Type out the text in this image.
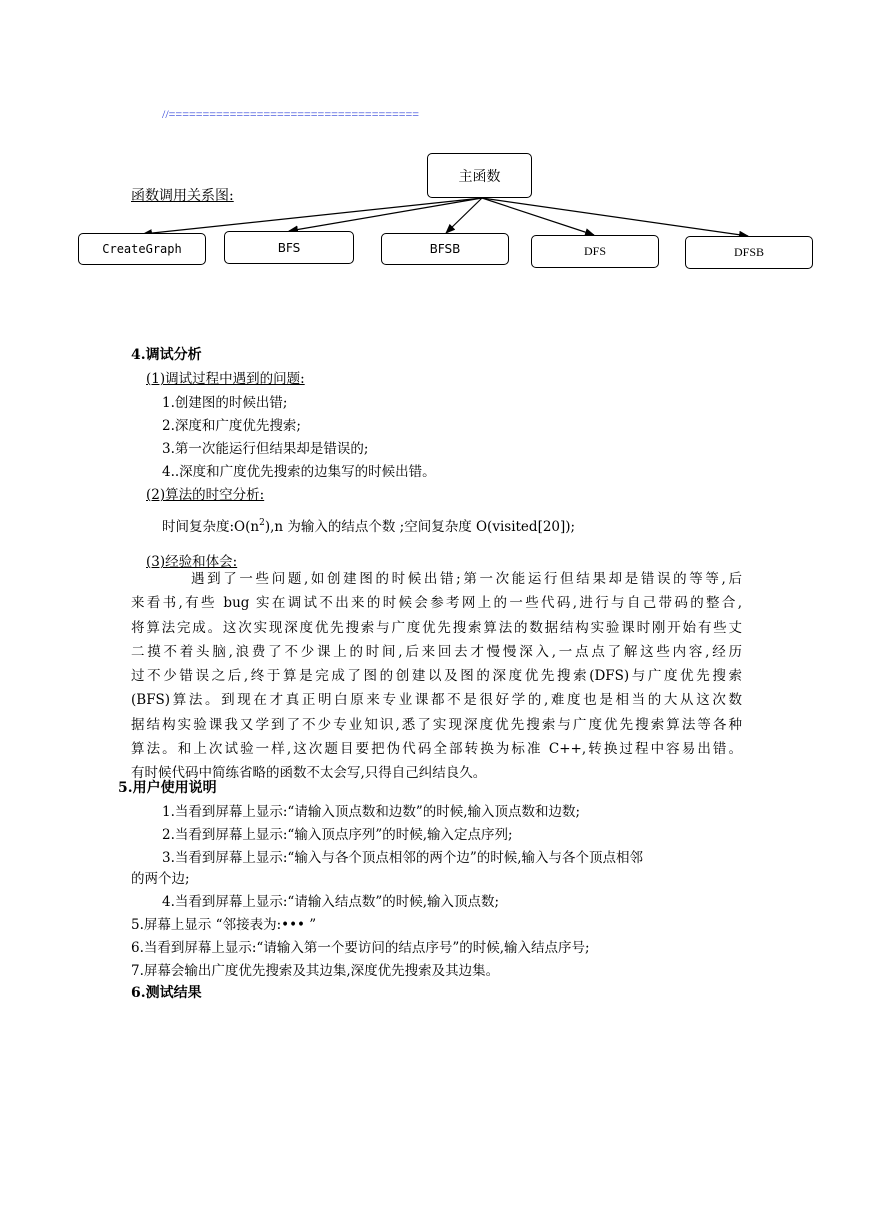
//=====================================
函数调用关系图:
主函数
CreateGraph	BFS	BFSB	DFS	DFSB
4.调试分析
(1)调试过程中遇到的问题:
1.创建图的时候出错;
2.深度和广度优先搜索;
3.第一次能运行但结果却是错误的;
4..深度和广度优先搜索的边集写的时候出错。
(2)算法的时空分析:
时间复杂度$:O(n^2),n$ 为输入的结点个数 ;空间复杂度 O(visited[20]);
(3)经验和体会:
遇到了一些问题,如创建图的时候出错;第一次能运行但结果却是错误的等等,后
来看书,有些 bug 实在调试不出来的时候会参考网上的一些代码,进行与自己带码的整合,
将算法完成。这次实现深度优先搜索与广度优先搜索算法的数据结构实验课时刚开始有些丈
二摸不着头脑,浪费了不少课上的时间,后来回去才慢慢深入,一点点了解这些内容,经历
过不少错误之后,终于算是完成了图的创建以及图的深度优先搜索(DFS)与广度优先搜索
(BFS)算法。到现在才真正明白原来专业课都不是很好学的,难度也是相当的大从这次数
据结构实验课我又学到了不少专业知识,悉了实现深度优先搜索与广度优先搜索算法等各种
算法。和上次试验一样,这次题目要把伪代码全部转换为标准 C++,转换过程中容易出错。
有时候代码中简练省略的函数不太会写,只得自己纠结良久。
5.用户使用说明
1.当看到屏幕上显示:“请输入顶点数和边数”的时候,输入顶点数和边数;
2.当看到屏幕上显示:“输入顶点序列”的时候,输入定点序列;
3.当看到屏幕上显示:“输入与各个顶点相邻的两个边”的时候,输入与各个顶点相邻
的两个边;
4.当看到屏幕上显示:“请输入结点数”的时候,输入顶点数;
5.屏幕上显示 “邻接表为:••• ”
6.当看到屏幕上显示:“请输入第一个要访问的结点序号”的时候,输入结点序号;
7.屏幕会输出广度优先搜索及其边集,深度优先搜索及其边集。
6.测试结果
